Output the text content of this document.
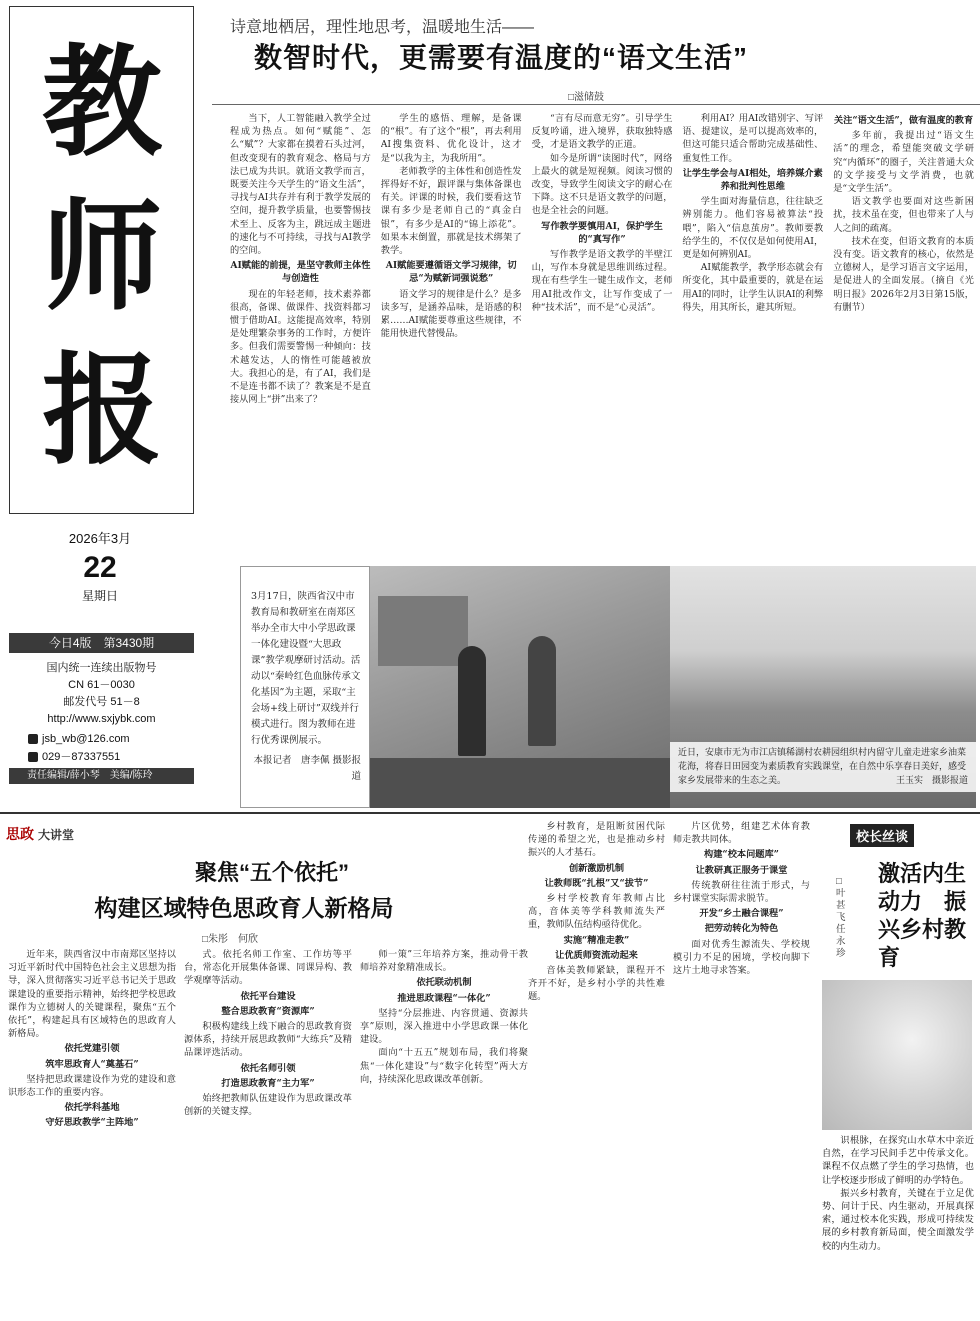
教
师
报
2026年3月
22
星期日
今日4版　第3430期
国内统一连续出版物号
CN 61－0030
邮发代号 51－8
http://www.sxjybk.com
jsb_wb@126.com
029－87337551
责任编辑/薛小琴　美编/陈玲
诗意地栖居，理性地思考，温暖地生活——
数智时代，更需要有温度的“语文生活”
□滋储鼓

当下，人工智能融入教学全过程成为热点。如何“赋能”、怎么“赋”？大家都在摸着石头过河，但改变现有的教育观念、格局与方法已成为共识。就语文教学而言，既要关注今天学生的“语文生活”，寻找与AI共存并有利于教学发展的空间，提升教学质量，也要警惕技术至上、反客为主，跳远成主题进的速化与不可持续，寻找与AI教学的空间。

AI赋能的前提，是坚守教师主体性与创造性

现在的年轻老师，技术素养都很高，备课、做课件、找资料都习惯于借助AI。这能提高效率，特别是处理繁杂事务的工作时，方便许多。但我们需要警惕一种倾向：技术越发达，人的惰性可能越被放大。我担心的是，有了AI，我们是不是连书都不读了？教案是不是直接从网上“拼”出来了？

学生的感悟、理解，是备课的“根”。有了这个“根”，再去利用AI搜集资料、优化设计，这才是“以我为主，为我所用”。

老师教学的主体性和创造性发挥得好不好，跟评课与集体备课也有关。评课的时候，我们要看这节课有多少是老师自己的“真金白银”，有多少是AI的“锦上添花”。如果本末倒置，那就是技术绑架了教学。

AI赋能要遵循语文学习规律，切忌“为赋新词强说愁”

语文学习的规律是什么？是多读多写，是涵养品味，是语感的积累……AI赋能要尊重这些规律，不能用快进代替慢品。

“言有尽而意无穷”。引导学生反复吟诵，进入境界，获取独特感受，才是语文教学的正道。

如今是所谓“读图时代”，网络上最火的就是短视频。阅读习惯的改变，导致学生阅读文字的耐心在下降。这不只是语文教学的问题，也是全社会的问题。

写作教学要慎用AI，保护学生的“真写作”

写作教学是语文教学的半壁江山，写作本身就是思维训练过程。现在有些学生一键生成作文，老师用AI批改作文，让写作变成了一种“技术活”，而不是“心灵活”。

利用AI？用AI改错别字、写评语、提建议，是可以提高效率的，但这可能只适合帮助完成基础性、重复性工作。

让学生学会与AI相处，培养媒介素养和批判性思维

学生面对海量信息，往往缺乏辨别能力。他们容易被算法“投喂”，陷入“信息茧房”。教师要教给学生的，不仅仅是如何使用AI，更是如何辨别AI。

AI赋能教学，教学形态就会有所变化，其中最重要的，就是在运用AI的同时，让学生认识AI的利弊得失，用其所长，避其所短。

关注“语文生活”，做有温度的教育

多年前，我提出过“语文生活”的理念，希望能突破文学研究“内循环”的圈子，关注普通大众的文学接受与文学消费，也就是“文学生活”。

语文教学也要面对这些新困扰，技术虽在变，但也带来了人与人之间的疏离。

技术在变，但语文教育的本质没有变。语文教育的核心，依然是立德树人，是学习语言文字运用，是促进人的全面发展。（摘自《光明日报》2026年2月3日第15版，有删节）

3月17日，陕西省汉中市教育局和教研室在南郑区举办全市大中小学思政课一体化建设暨“大思政课”教学观摩研讨活动。活动以“秦岭红色血脉传承文化基因”为主题，采取“主会场+线上研讨”双线并行模式进行。图为教师在进行优秀课例展示。
本报记者　唐李佩 摄影报道
近日，安康市无为市江店镇稀湖村农耕园组织村内留守儿童走进家乡油菜花海，将春日田园变为素质教育实践课堂，在自然中乐享春日美好，感受家乡发展带来的生态之美。	王玉实　摄影报道
思政 大讲堂
聚焦“五个依托”
构建区域特色思政育人新格局
□朱彤　何欣

近年来，陕西省汉中市南郑区坚持以习近平新时代中国特色社会主义思想为指导，深入贯彻落实习近平总书记关于思政课建设的重要指示精神，始终把学校思政课作为立德树人的关键课程，聚焦“五个依托”，构建起具有区域特色的思政育人新格局。

依托党建引领

筑牢思政育人“奠基石”

坚持把思政课建设作为党的建设和意识形态工作的重要内容。

依托学科基地

守好思政教学“主阵地”

式。依托名师工作室、工作坊等平台，常态化开展集体备课、同课异构、教学观摩等活动。

依托平台建设

整合思政教育“资源库”

积极构建线上线下融合的思政教育资源体系，持续开展思政教师“大练兵”及精品课评选活动。

依托名师引领

打造思政教育“主力军”

始终把教师队伍建设作为思政课改革创新的关键支撑。

师一策”三年培养方案，推动骨干教师培养对象精准成长。

依托联动机制

推进思政课程“一体化”

坚持“分层推进、内容贯通、资源共享”原则，深入推进中小学思政课一体化建设。

面向“十五五”规划布局，我们将聚焦“一体化建设”与“数字化转型”两大方向，持续深化思政课改革创新。

乡村教育，是阻断贫困代际传递的希望之光，也是推动乡村振兴的人才基石。

创新激励机制

让教师既“扎根”又“拔节”

乡村学校教育年教师占比高，音体美等学科教师流失严重，教师队伍结构亟待优化。

实施“精准走教”

让优质师资流动起来

音体美教师紧缺，课程开不齐开不好，是乡村小学的共性难题。

片区优势，组建艺术体育教师走教共同体。

构建“校本问题库”

让教研真正服务于课堂

传统教研往往流于形式，与乡村课堂实际需求脱节。

开发“乡土融合课程”

把劳动转化为特色

面对优秀生源流失、学校规模引力不足的困境，学校向脚下这片土地寻求答案。

校长丝谈
激活内生动力　振兴乡村教育
□叶甚飞　任永珍

识根脉，在探究山水草木中亲近自然，在学习民间手艺中传承文化。课程不仅点燃了学生的学习热情，也让学校逐步形成了鲜明的办学特色。

振兴乡村教育，关键在于立足优势、问计于民、内生驱动，开展真探索，通过校本化实践，形成可持续发展的乡村教育新局面，使全面激发学校的内生动力。
